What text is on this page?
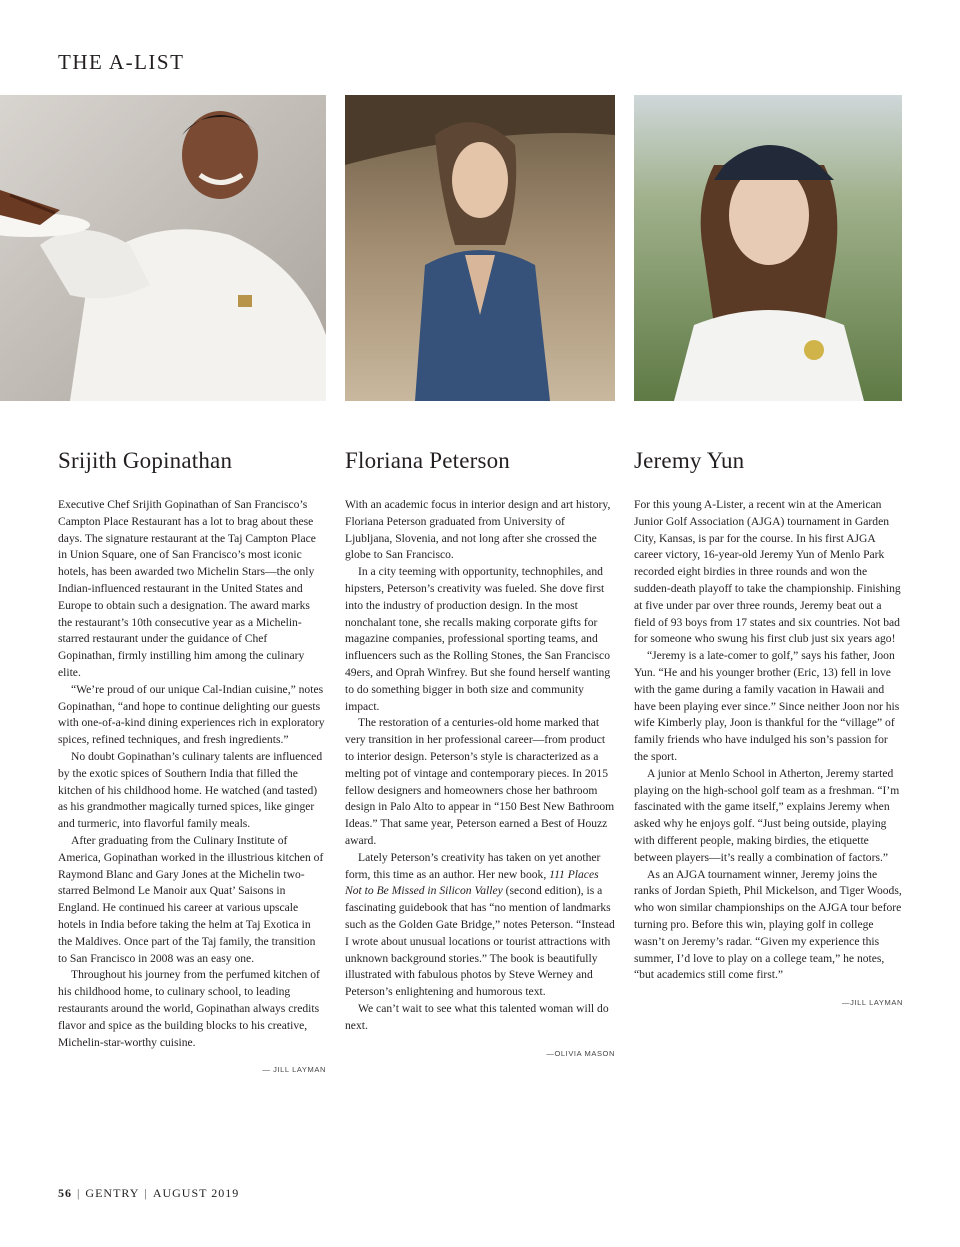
THE A-LIST
Srijith Gopinathan

Executive Chef Srijith Gopinathan of San Francisco’s Campton Place Restaurant has a lot to brag about these days. The signature restaurant at the Taj Campton Place in Union Square, one of San Francisco’s most iconic hotels, has been awarded two Michelin Stars—the only Indian-influenced restaurant in the United States and Europe to obtain such a designation. The award marks the restaurant’s 10th consecutive year as a Michelin-starred restaurant under the guidance of Chef Gopinathan, firmly instilling him among the culinary elite.

“We’re proud of our unique Cal-Indian cuisine,” notes Gopinathan, “and hope to continue delighting our guests with one-of-a-kind dining experiences rich in exploratory spices, refined techniques, and fresh ingredients.”

No doubt Gopinathan’s culinary talents are influenced by the exotic spices of Southern India that filled the kitchen of his childhood home. He watched (and tasted) as his grandmother magically turned spices, like ginger and turmeric, into flavorful family meals.

After graduating from the Culinary Institute of America, Gopinathan worked in the illustrious kitchen of Raymond Blanc and Gary Jones at the Michelin two-starred Belmond Le Manoir aux Quat’ Saisons in England. He continued his career at various upscale hotels in India before taking the helm at Taj Exotica in the Maldives. Once part of the Taj family, the transition to San Francisco in 2008 was an easy one.

Throughout his journey from the perfumed kitchen of his childhood home, to culinary school, to leading restaurants around the world, Gopinathan always credits flavor and spice as the building blocks to his creative, Michelin-star-worthy cuisine.

— JILL LAYMAN
Floriana Peterson

With an academic focus in interior design and art history, Floriana Peterson graduated from University of Ljubljana, Slovenia, and not long after she crossed the globe to San Francisco.

In a city teeming with opportunity, technophiles, and hipsters, Peterson’s creativity was fueled. She dove first into the industry of production design. In the most nonchalant tone, she recalls making corporate gifts for magazine companies, professional sporting teams, and influencers such as the Rolling Stones, the San Francisco 49ers, and Oprah Winfrey. But she found herself wanting to do something bigger in both size and community impact.

The restoration of a centuries-old home marked that very transition in her professional career—from product to interior design. Peterson’s style is characterized as a melting pot of vintage and contemporary pieces. In 2015 fellow designers and homeowners chose her bathroom design in Palo Alto to appear in “150 Best New Bathroom Ideas.” That same year, Peterson earned a Best of Houzz award.

Lately Peterson’s creativity has taken on yet another form, this time as an author. Her new book, 111 Places Not to Be Missed in Silicon Valley (second edition), is a fascinating guidebook that has “no mention of landmarks such as the Golden Gate Bridge,” notes Peterson. “Instead I wrote about unusual locations or tourist attractions with unknown background stories.” The book is beautifully illustrated with fabulous photos by Steve Werney and Peterson’s enlightening and humorous text.

We can’t wait to see what this talented woman will do next.

—OLIVIA MASON
Jeremy Yun

For this young A-Lister, a recent win at the American Junior Golf Association (AJGA) tournament in Garden City, Kansas, is par for the course. In his first AJGA career victory, 16-year-old Jeremy Yun of Menlo Park recorded eight birdies in three rounds and won the sudden-death playoff to take the championship. Finishing at five under par over three rounds, Jeremy beat out a field of 93 boys from 17 states and six countries. Not bad for someone who swung his first club just six years ago!

“Jeremy is a late-comer to golf,” says his father, Joon Yun. “He and his younger brother (Eric, 13) fell in love with the game during a family vacation in Hawaii and have been playing ever since.” Since neither Joon nor his wife Kimberly play, Joon is thankful for the “village” of family friends who have indulged his son’s passion for the sport.

A junior at Menlo School in Atherton, Jeremy started playing on the high-school golf team as a freshman. “I’m fascinated with the game itself,” explains Jeremy when asked why he enjoys golf. “Just being outside, playing with different people, making birdies, the etiquette between players—it’s really a combination of factors.”

As an AJGA tournament winner, Jeremy joins the ranks of Jordan Spieth, Phil Mickelson, and Tiger Woods, who won similar championships on the AJGA tour before turning pro. Before this win, playing golf in college wasn’t on Jeremy’s radar. “Given my experience this summer, I’d love to play on a college team,” he notes, “but academics still come first.”

—JILL LAYMAN
56 | GENTRY | AUGUST 2019
